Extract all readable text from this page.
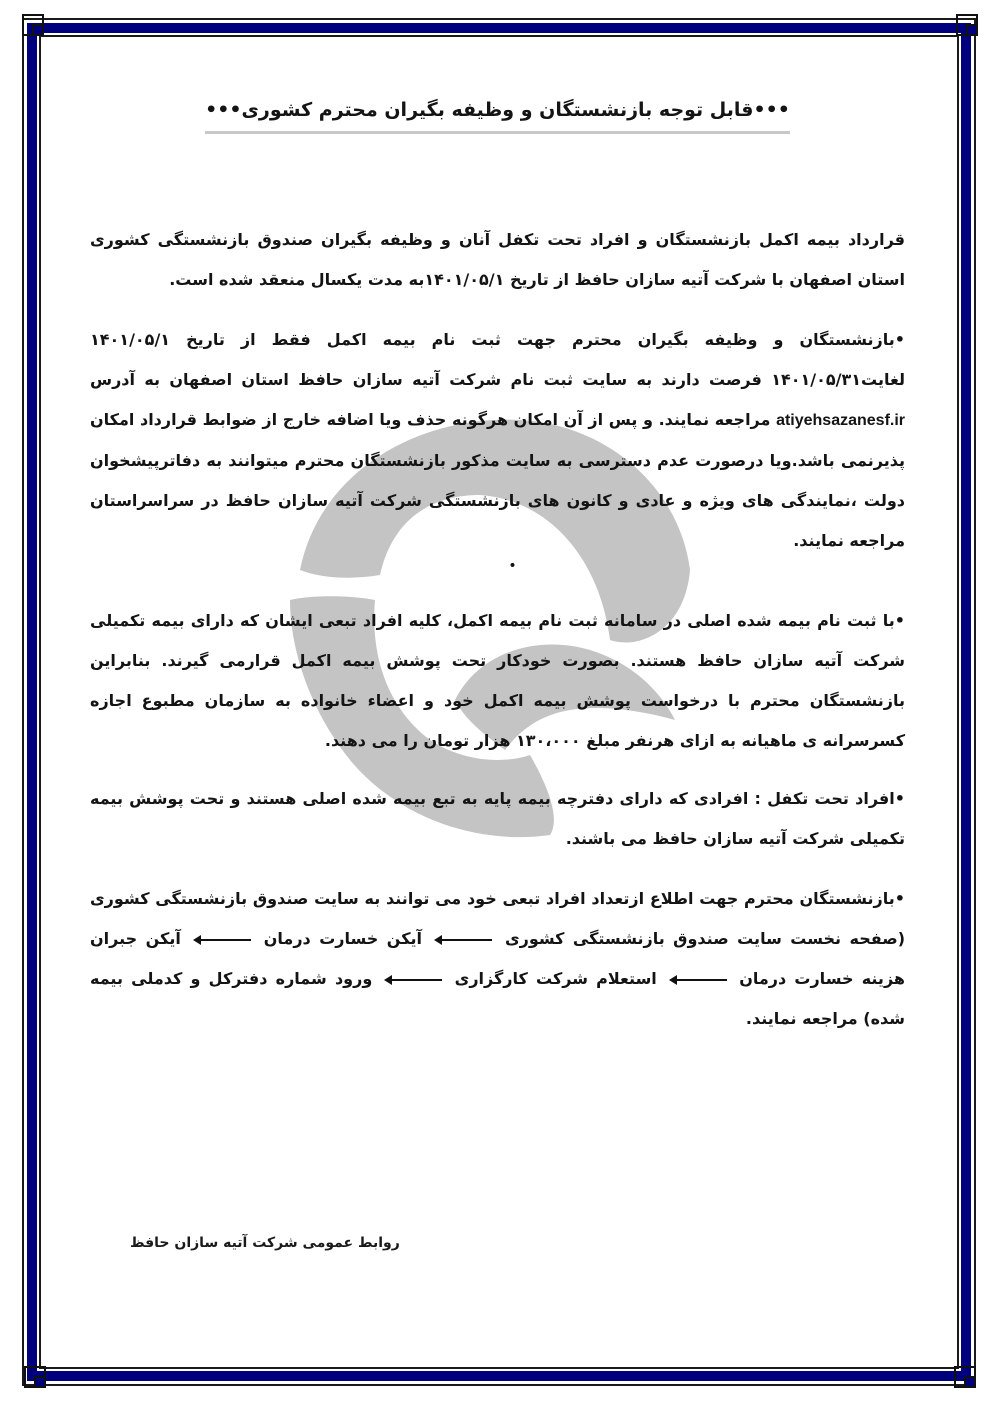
•••قابل توجه بازنشستگان و وظیفه بگیران محترم کشوری•••

قرارداد بیمه اکمل بازنشستگان و افراد تحت تکفل آنان و وظیفه بگیران صندوق بازنشستگی کشوری استان اصفهان با شرکت آتیه سازان حافظ از تاریخ ۱۴۰۱/۰۵/۱به مدت یکسال منعقد شده است.

•بازنشستگان و وظیفه بگیران محترم جهت ثبت نام بیمه اکمل فقط از تاریخ ۱۴۰۱/۰۵/۱ لغایت۱۴۰۱/۰۵/۳۱ فرصت دارند به سایت ثبت نام شرکت آتیه سازان حافظ استان اصفهان به آدرس atiyehsazanesf.ir مراجعه نمایند. و پس از آن امکان هرگونه حذف ویا اضافه خارج از ضوابط قرارداد امکان پذیرنمی باشد.ویا درصورت عدم دسترسی به سایت مذکور بازنشستگان محترم میتوانند به دفاترپیشخوان دولت ،نمایندگی های ویژه و عادی و کانون های بازنشستگی شرکت آتیه سازان حافظ در سراسراستان مراجعه نمایند.

•

•با ثبت نام بیمه شده اصلی در سامانه ثبت نام بیمه اکمل، کلیه افراد تبعی ایشان که دارای بیمه تکمیلی شرکت آتیه سازان حافظ هستند. بصورت خودکار تحت پوشش بیمه اکمل قرارمی گیرند. بنابراین بازنشستگان محترم با درخواست پوشش بیمه اکمل خود و اعضاء خانواده به سازمان مطبوع اجازه کسرسرانه ی ماهیانه به ازای هرنفر مبلغ ۱۳۰،۰۰۰ هزار تومان را می دهند.

•افراد تحت تکفل : افرادی که دارای دفترچه بیمه پایه به تبع بیمه شده اصلی هستند و تحت پوشش بیمه تکمیلی شرکت آتیه سازان حافظ می باشند.

•بازنشستگان محترم جهت اطلاع ازتعداد افراد تبعی خود می توانند به سایت صندوق بازنشستگی کشوری (صفحه نخست سایت صندوق بازنشستگی کشوری  آیکن خسارت درمان  آیکن جبران هزینه خسارت درمان  استعلام شرکت کارگزاری  ورود شماره دفترکل و کدملی بیمه شده) مراجعه نمایند.

روابط عمومی شرکت آتیه سازان حافظ
